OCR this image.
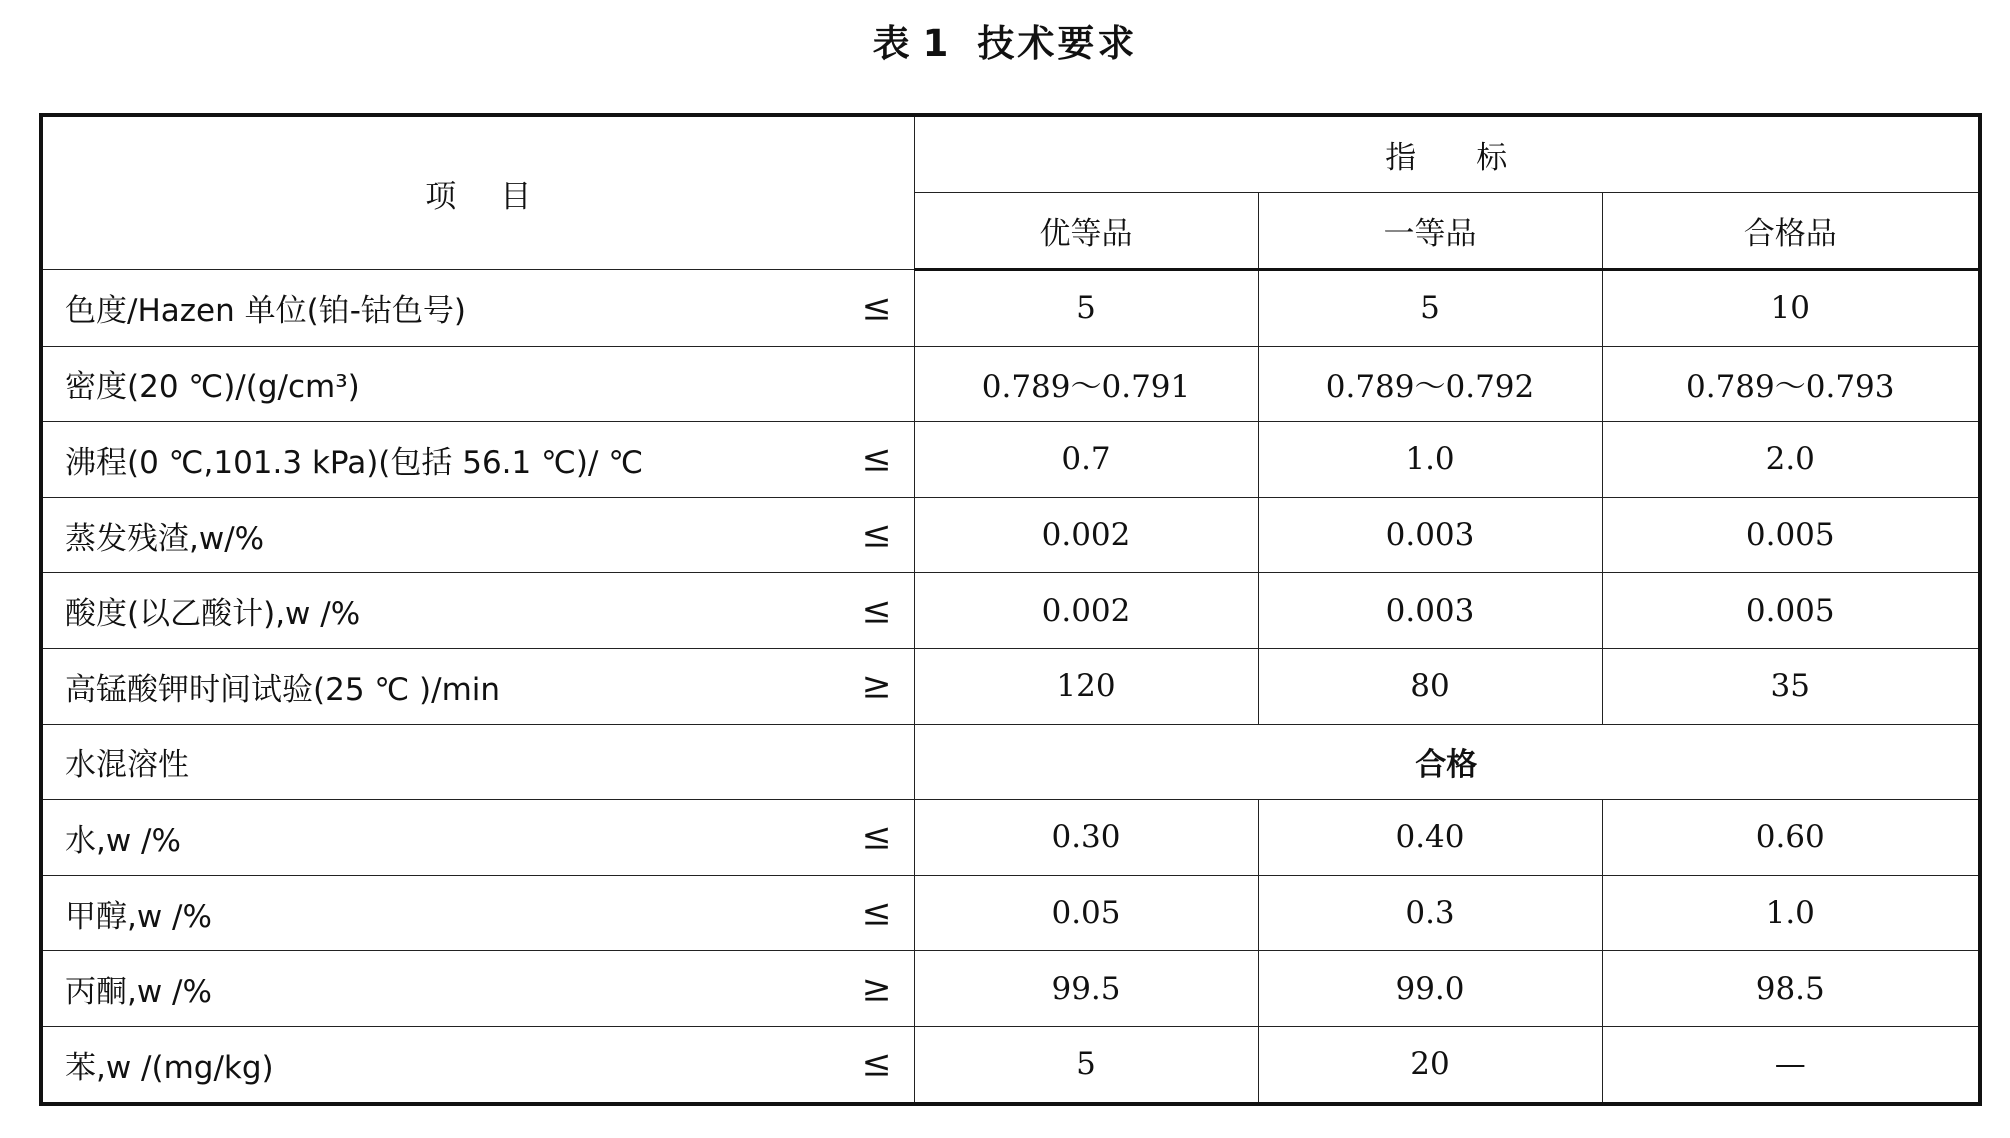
表 1 技术要求
项目	指标		
	优等品	一等品	合格品
色度/Hazen 单位(铂-钴色号) ≤	5	5	10
密度(20 ℃)/(g/cm³)	0.789～0.791	0.789～0.792	0.789～0.793
沸程(0 ℃,101.3 kPa)(包括 56.1 ℃)/ ℃ ≤	0.7	1.0	2.0
蒸发残渣,w/% ≤	0.002	0.003	0.005
酸度(以乙酸计),w /% ≤	0.002	0.003	0.005
高锰酸钾时间试验(25 ℃ )/min ≥	120	80	35
水混溶性	合格		
水,w /% ≤	0.30	0.40	0.60
甲醇,w /% ≤	0.05	0.3	1.0
丙酮,w /% ≥	99.5	99.0	98.5
苯,w /(mg/kg) ≤	5	20	—
